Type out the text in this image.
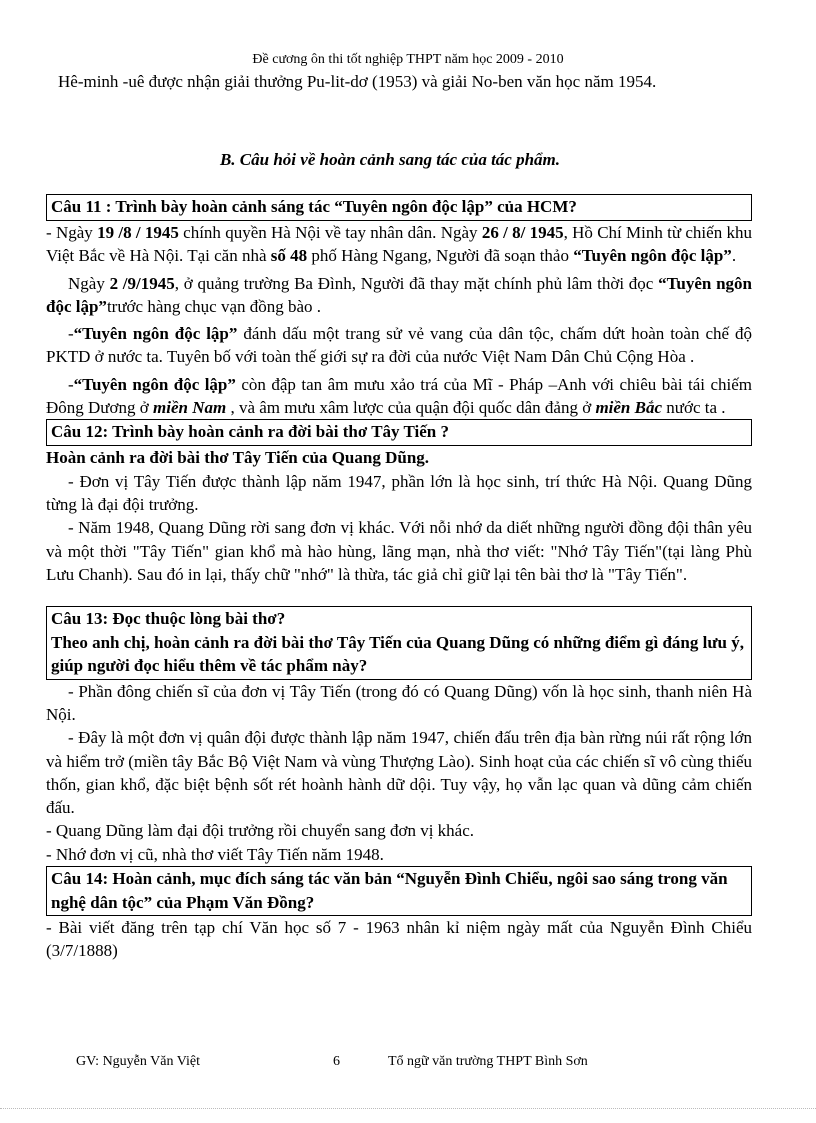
Đề cương ôn thi tốt nghiệp THPT năm học 2009 - 2010
Hê-minh -uê được nhận giải thưởng Pu-lit-dơ (1953) và giải No-ben văn học năm 1954.
B. Câu hỏi về hoàn cảnh sang tác của tác phẩm.
Câu 11 : Trình bày hoàn cảnh sáng tác “Tuyên ngôn độc lập” của HCM?

- Ngày 19 /8 / 1945 chính quyền Hà Nội về tay nhân dân. Ngày 26 / 8/ 1945, Hồ Chí Minh từ chiến khu Việt Bắc về Hà Nội. Tại căn nhà số 48 phố Hàng Ngang, Người đã soạn thảo “Tuyên ngôn độc lập”.

Ngày 2 /9/1945, ở quảng trường Ba Đình, Người đã thay mặt chính phủ lâm thời đọc “Tuyên ngôn độc lập”trước hàng chục vạn đồng bào .

-“Tuyên ngôn độc lập” đánh dấu một trang sử vẻ vang của dân tộc, chấm dứt hoàn toàn chế độ PKTD ở nước ta. Tuyên bố với toàn thế giới sự ra đời của nước Việt Nam Dân Chủ Cộng Hòa .

-“Tuyên ngôn độc lập” còn đập tan âm mưu xảo trá của Mĩ - Pháp –Anh với chiêu bài tái chiếm Đông Dương ở miền Nam , và âm mưu xâm lược của quận đội quốc dân đảng ở miền Bắc nước ta .

Câu 12: Trình bày hoàn cảnh ra đời bài thơ Tây Tiến ?

Hoàn cảnh ra đời bài thơ Tây Tiến của Quang Dũng.

- Đơn vị Tây Tiến được thành lập năm 1947, phần lớn là học sinh, trí thức Hà Nội. Quang Dũng từng là đại đội trưởng.

- Năm 1948, Quang Dũng rời sang đơn vị khác. Với nỗi nhớ da diết những người đồng đội thân yêu và một thời "Tây Tiến" gian khổ mà hào hùng, lãng mạn, nhà thơ viết: "Nhớ Tây Tiến"(tại làng Phù Lưu Chanh). Sau đó in lại, thấy chữ "nhớ" là thừa, tác giả chỉ giữ lại tên bài thơ là "Tây Tiến".

Câu 13: Đọc thuộc lòng bài thơ?
Theo anh chị, hoàn cảnh ra đời bài thơ Tây Tiến của Quang Dũng có những điểm gì đáng lưu ý, giúp người đọc hiểu thêm về tác phẩm này?

- Phần đông chiến sĩ của đơn vị Tây Tiến (trong đó có Quang Dũng) vốn là học sinh, thanh niên Hà Nội.

- Đây là một đơn vị quân đội được thành lập năm 1947, chiến đấu trên địa bàn rừng núi rất rộng lớn và hiểm trở (miền tây Bắc Bộ Việt Nam và vùng Thượng Lào). Sinh hoạt của các chiến sĩ vô cùng thiếu thốn, gian khổ, đặc biệt bệnh sốt rét hoành hành dữ dội. Tuy vậy, họ vẫn lạc quan và dũng cảm chiến đấu.

- Quang Dũng làm đại đội trưởng rồi chuyển sang đơn vị khác.

- Nhớ đơn vị cũ, nhà thơ viết Tây Tiến năm 1948.

Câu 14: Hoàn cảnh, mục đích sáng tác văn bản “Nguyễn Đình Chiểu, ngôi sao sáng trong văn nghệ dân tộc” của Phạm Văn Đồng?

- Bài viết đăng trên tạp chí Văn học số 7 - 1963 nhân kỉ niệm ngày mất của Nguyễn Đình Chiểu (3/7/1888)

GV: Nguyễn Văn Việt	6	Tổ ngữ văn trường THPT Bình Sơn
